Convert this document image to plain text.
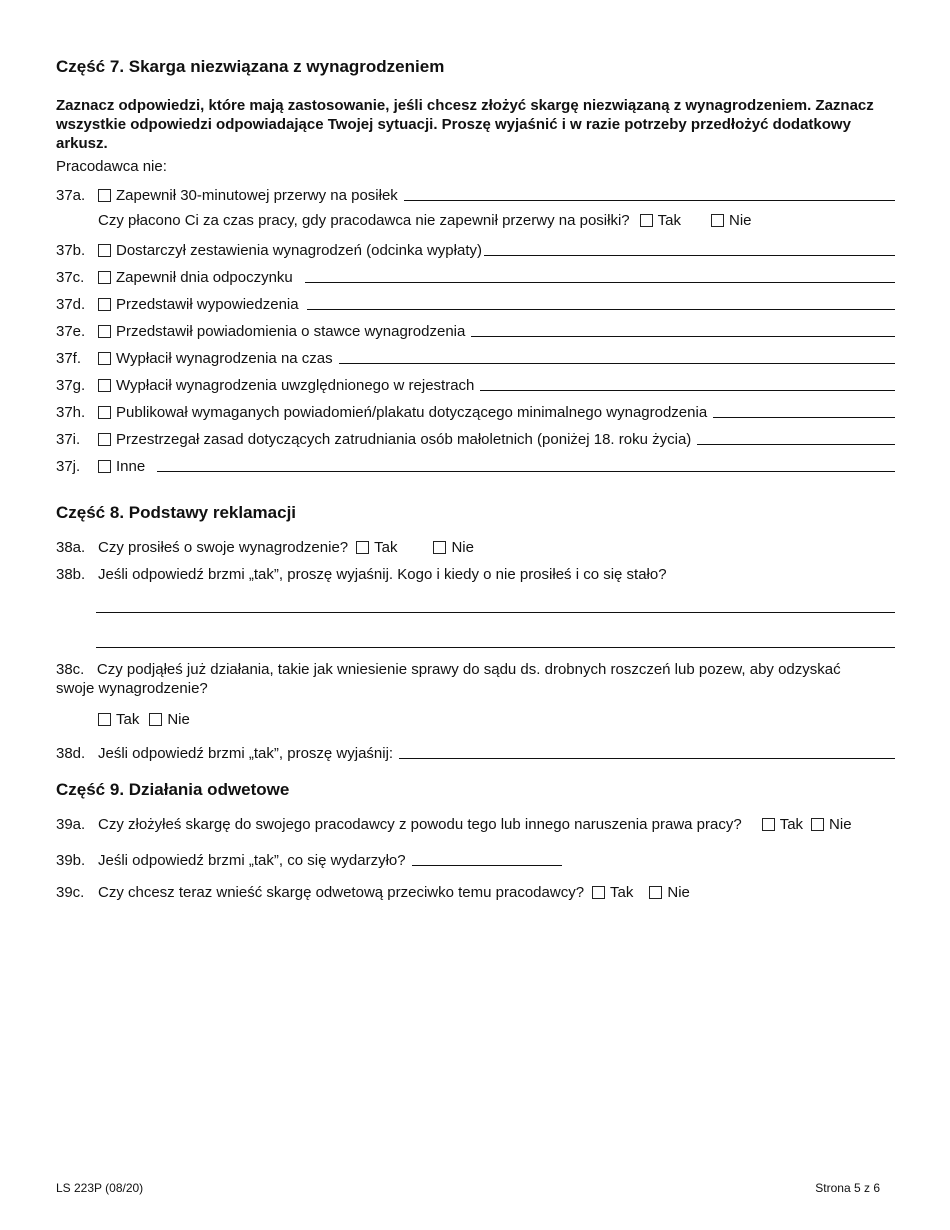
Część 7. Skarga niezwiązana z wynagrodzeniem
Zaznacz odpowiedzi, które mają zastosowanie, jeśli chcesz złożyć skargę niezwiązaną z wynagrodzeniem. Zaznacz wszystkie odpowiedzi odpowiadające Twojej sytuacji. Proszę wyjaśnić i w razie potrzeby przedłożyć dodatkowy arkusz.
Pracodawca nie:
37a.	Zapewnił 30-minutowej przerwy na posiłek
Czy płacono Ci za czas pracy, gdy pracodawca nie zapewnił przerwy na posiłki? Tak	Nie
37b.	Dostarczył zestawienia wynagrodzeń (odcinka wypłaty)
37c.	Zapewnił dnia odpoczynku
37d.	Przedstawił wypowiedzenia
37e.	Przedstawił powiadomienia o stawce wynagrodzenia
37f.	Wypłacił wynagrodzenia na czas
37g.	Wypłacił wynagrodzenia uwzględnionego w rejestrach
37h.	Publikował wymaganych powiadomień/plakatu dotyczącego minimalnego wynagrodzenia
37i.	Przestrzegał zasad dotyczących zatrudniania osób małoletnich (poniżej 18. roku życia)
37j.	Inne
Część 8. Podstawy reklamacji
38a. Czy prosiłeś o swoje wynagrodzenie? Tak	Nie
38b. Jeśli odpowiedź brzmi „tak”, proszę wyjaśnij. Kogo i kiedy o nie prosiłeś i co się stało?
38c. Czy podjąłeś już działania, takie jak wniesienie sprawy do sądu ds. drobnych roszczeń lub pozew, aby odzyskać
swoje wynagrodzenie?
Tak Nie
38d. Jeśli odpowiedź brzmi „tak”, proszę wyjaśnij:
Część 9. Działania odwetowe
39a. Czy złożyłeś skargę do swojego pracodawcy z powodu tego lub innego naruszenia prawa pracy?	Tak Nie
39b. Jeśli odpowiedź brzmi „tak”, co się wydarzyło?
39c. Czy chcesz teraz wnieść skargę odwetową przeciwko temu pracodawcy? Tak Nie
LS 223P (08/20)	Strona 5 z 6
